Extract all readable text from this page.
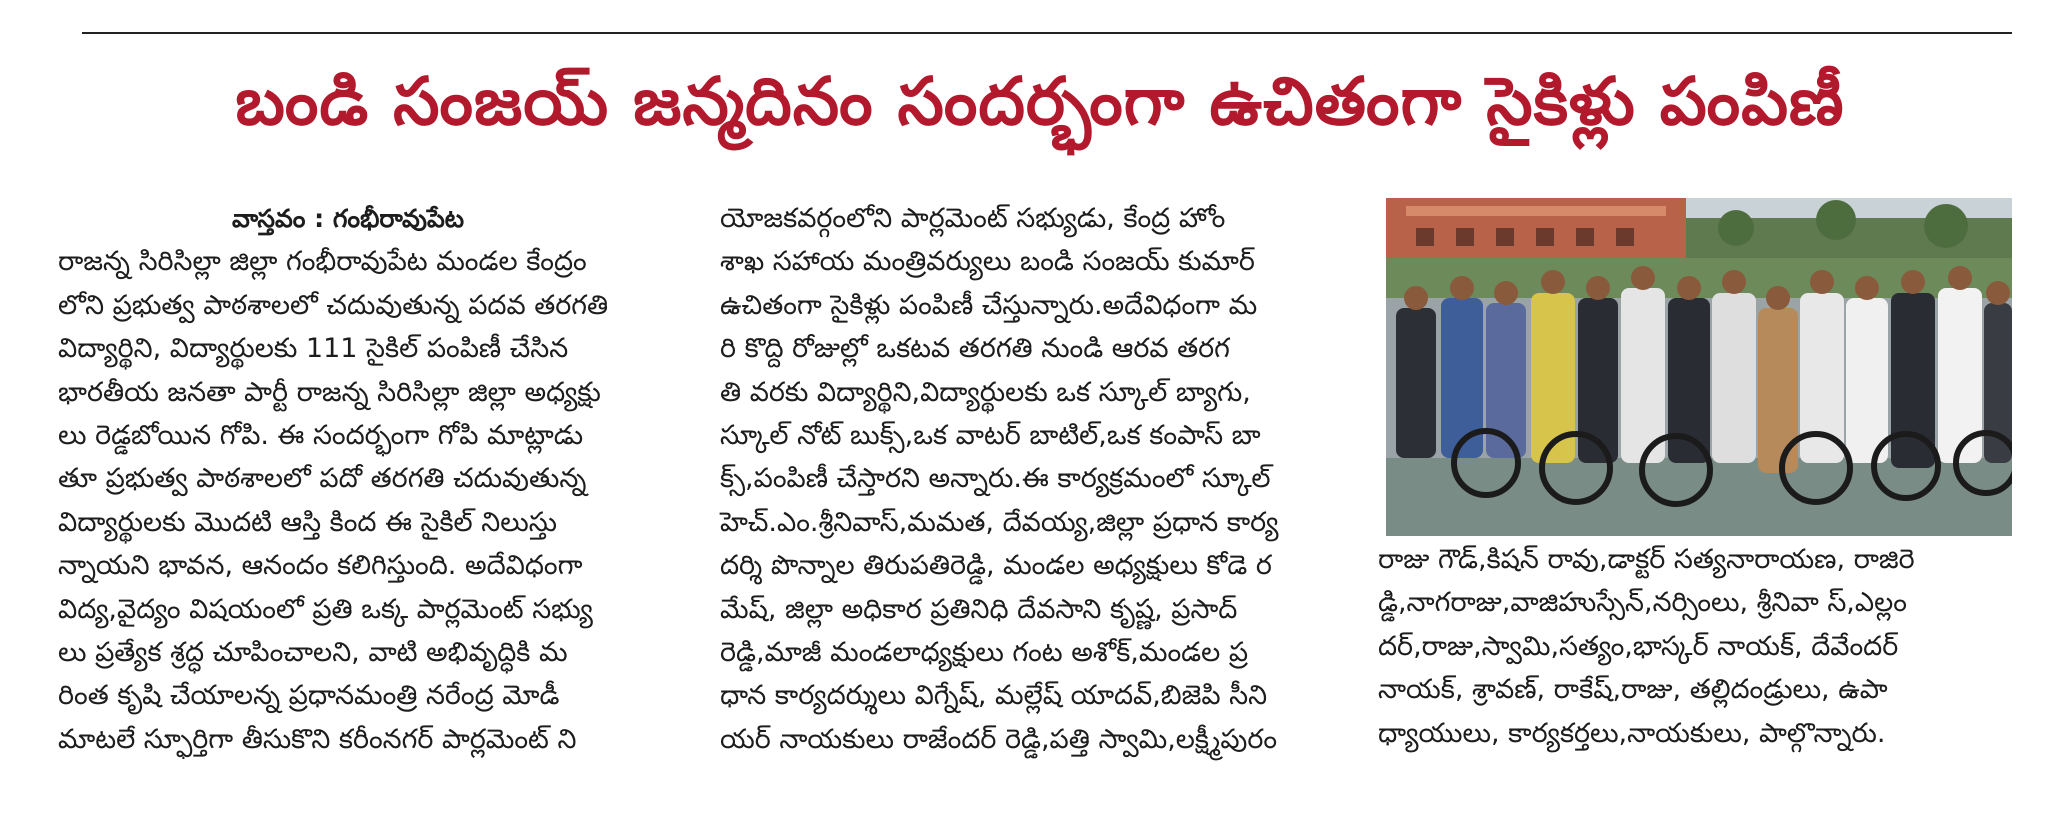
బండి సంజయ్ జన్మదినం సందర్భంగా ఉచితంగా సైకిళ్లు పంపిణీ
వాస్తవం : గంభీరావుపేట
రాజన్న సిరిసిల్లా జిల్లా గంభీరావుపేట మండల కేంద్రం
లోని ప్రభుత్వ పాఠశాలలో చదువుతున్న పదవ తరగతి
విద్యార్థిని, విద్యార్థులకు 111 సైకిల్ పంపిణీ చేసిన
భారతీయ జనతా పార్టీ రాజన్న సిరిసిల్లా జిల్లా అధ్యక్షు
లు రెడ్డబోయిన గోపి. ఈ సందర్భంగా గోపి మాట్లాడు
తూ ప్రభుత్వ పాఠశాలలో పదో తరగతి చదువుతున్న
విద్యార్థులకు మొదటి ఆస్తి కింద ఈ సైకిల్ నిలుస్తు
న్నాయని భావన, ఆనందం కలిగిస్తుంది. అదేవిధంగా
విద్య,వైద్యం విషయంలో ప్రతి ఒక్క పార్లమెంట్ సభ్యు
లు ప్రత్యేక శ్రద్ధ చూపించాలని, వాటి అభివృద్ధికి మ
రింత కృషి చేయాలన్న ప్రధానమంత్రి నరేంద్ర మోడీ
మాటలే స్ఫూర్తిగా తీసుకొని కరీంనగర్ పార్లమెంట్ ని
యోజకవర్గంలోని పార్లమెంట్ సభ్యుడు, కేంద్ర హోం
శాఖ సహాయ మంత్రివర్యులు బండి సంజయ్ కుమార్
ఉచితంగా సైకిళ్లు పంపిణీ చేస్తున్నారు.అదేవిధంగా మ
రి కొద్ది రోజుల్లో ఒకటవ తరగతి నుండి ఆరవ తరగ
తి వరకు విద్యార్థిని,విద్యార్థులకు ఒక స్కూల్ బ్యాగు,
స్కూల్ నోట్ బుక్స్,ఒక వాటర్ బాటిల్,ఒక కంపాస్ బా
క్స్,పంపిణీ చేస్తారని అన్నారు.ఈ కార్యక్రమంలో స్కూల్
హెచ్.ఎం.శ్రీనివాస్,మమత, దేవయ్య,జిల్లా ప్రధాన కార్య
దర్శి పొన్నాల తిరుపతిరెడ్డి, మండల అధ్యక్షులు కోడె ర
మేష్, జిల్లా అధికార ప్రతినిధి దేవసాని కృష్ణ, ప్రసాద్
రెడ్డి,మాజీ మండలాధ్యక్షులు గంట అశోక్,మండల ప్ర
ధాన కార్యదర్శులు విగ్నేష్, మల్లేష్ యాదవ్,బిజెపి సీని
యర్ నాయకులు రాజేందర్ రెడ్డి,పత్తి స్వామి,లక్ష్మీపురం
రాజు గౌడ్,కిషన్ రావు,డాక్టర్ సత్యనారాయణ, రాజిరె
డ్డి,నాగరాజు,వాజిహుస్సేన్,నర్సింలు, శ్రీనివా స్,ఎల్లం
దర్,రాజు,స్వామి,సత్యం,భాస్కర్ నాయక్, దేవేందర్
నాయక్, శ్రావణ్, రాకేష్,రాజు, తల్లిదండ్రులు, ఉపా
ధ్యాయులు, కార్యకర్తలు,నాయకులు, పాల్గొన్నారు.
